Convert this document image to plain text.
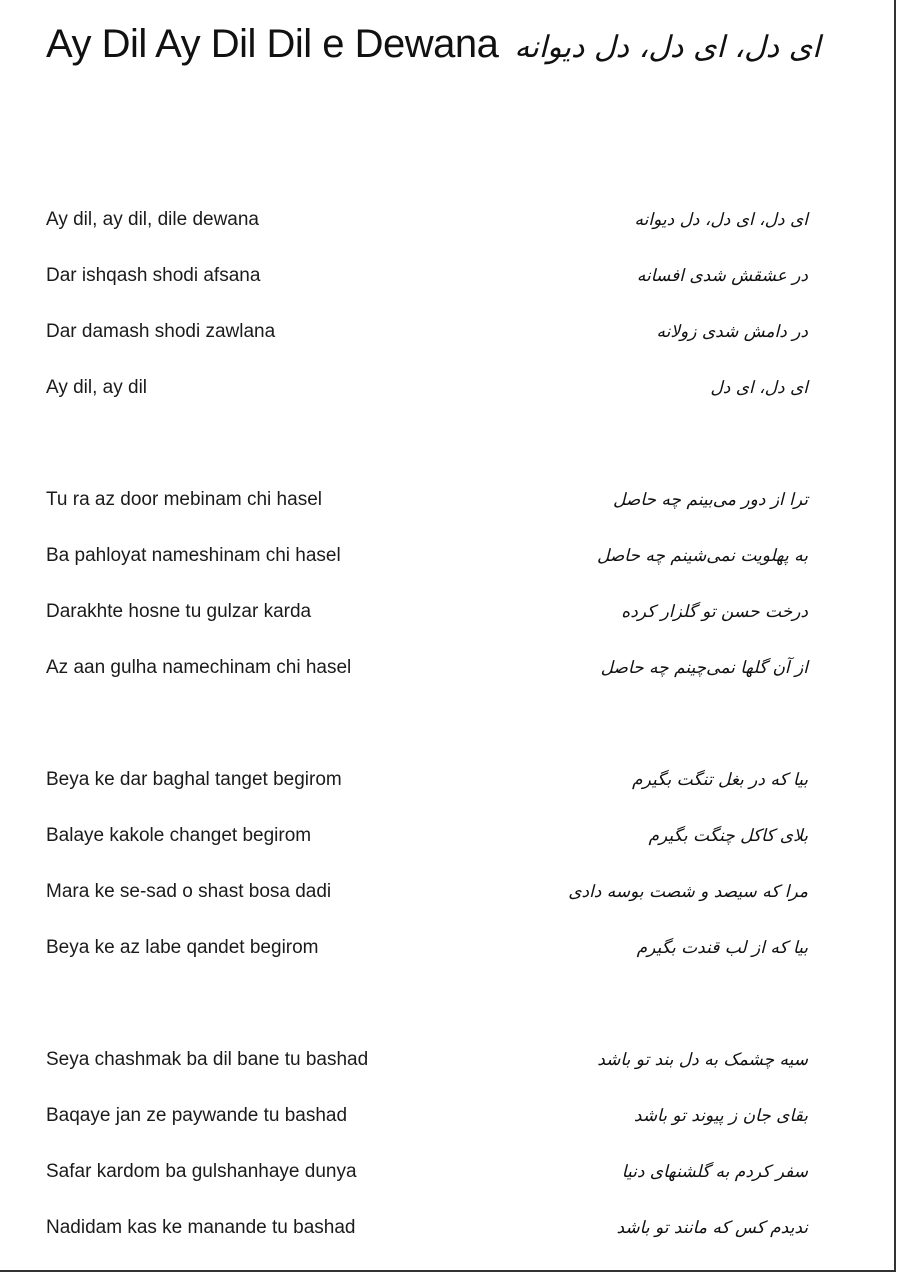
Ay Dil Ay Dil Dil e Dewana ای دل، ای دل، دل دیوانه
Ay dil, ay dil, dile dewana	ای دل، ای دل، دل دیوانه
Dar ishqash shodi afsana	در عشقش شدی افسانه
Dar damash shodi zawlana	در دامش شدی زولانه
Ay dil, ay dil	ای دل، ای دل
Tu ra az door mebinam chi hasel	ترا از دور می‌بینم چه حاصل
Ba pahloyat nameshinam chi hasel	به پهلویت نمی‌شینم چه حاصل
Darakhte hosne tu gulzar karda	درخت حسن تو گلزار کرده
Az aan gulha namechinam chi hasel	از آن گلها نمی‌چینم چه حاصل
Beya ke dar baghal tanget begirom	بیا که در بغل تنگت بگیرم
Balaye kakole changet begirom	بلای کاکل چنگت بگیرم
Mara ke se-sad o shast bosa dadi	مرا که سیصد و شصت بوسه دادی
Beya ke az labe qandet begirom	بیا که از لب قندت بگیرم
Seya chashmak ba dil bane tu bashad	سیه چشمک به دل بند تو باشد
Baqaye jan ze paywande tu bashad	بقای جان ز پیوند تو باشد
Safar kardom ba gulshanhaye dunya	سفر کردم به گلشنهای دنیا
Nadidam kas ke manande tu bashad	ندیدم کس که مانند تو باشد
